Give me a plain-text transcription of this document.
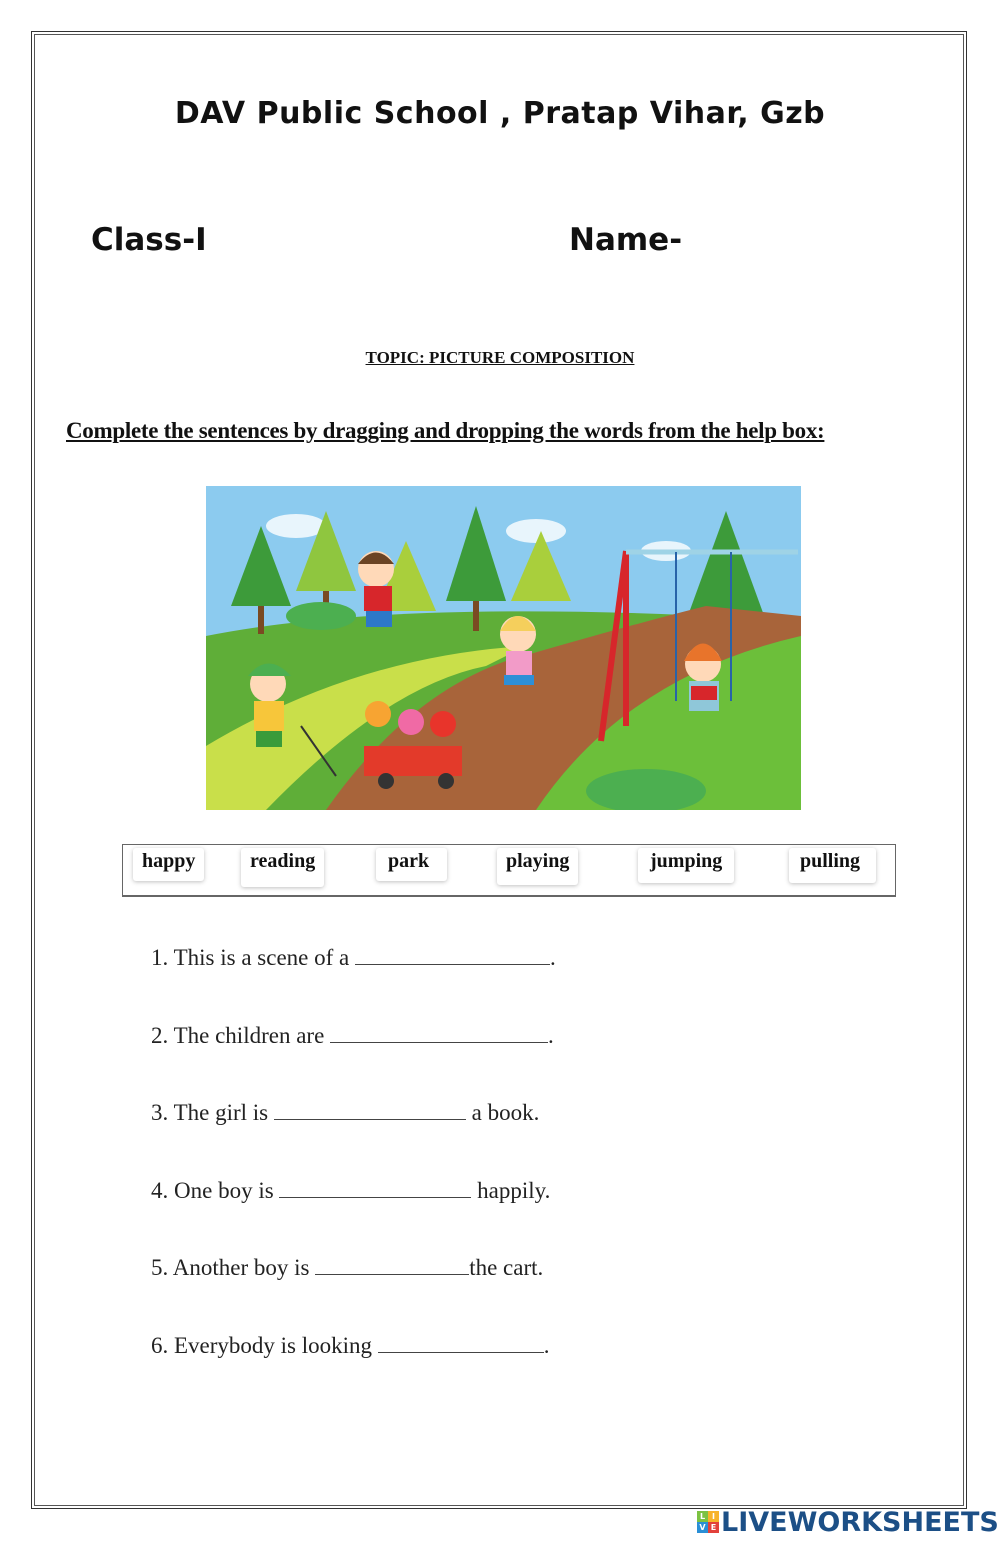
DAV Public School , Pratap Vihar, Gzb
Class-I	Name-
TOPIC: PICTURE COMPOSITION
Complete the sentences by dragging and dropping the words from the help box:
happy	reading	park	playing	jumping	pulling
1. This is a scene of a	.
2. The children are	.
3. The girl is	a book.
4. One boy is	happily.
5. Another boy is	the cart.
6. Everybody is looking	.
L I
V E LIVEWORKSHEETS
